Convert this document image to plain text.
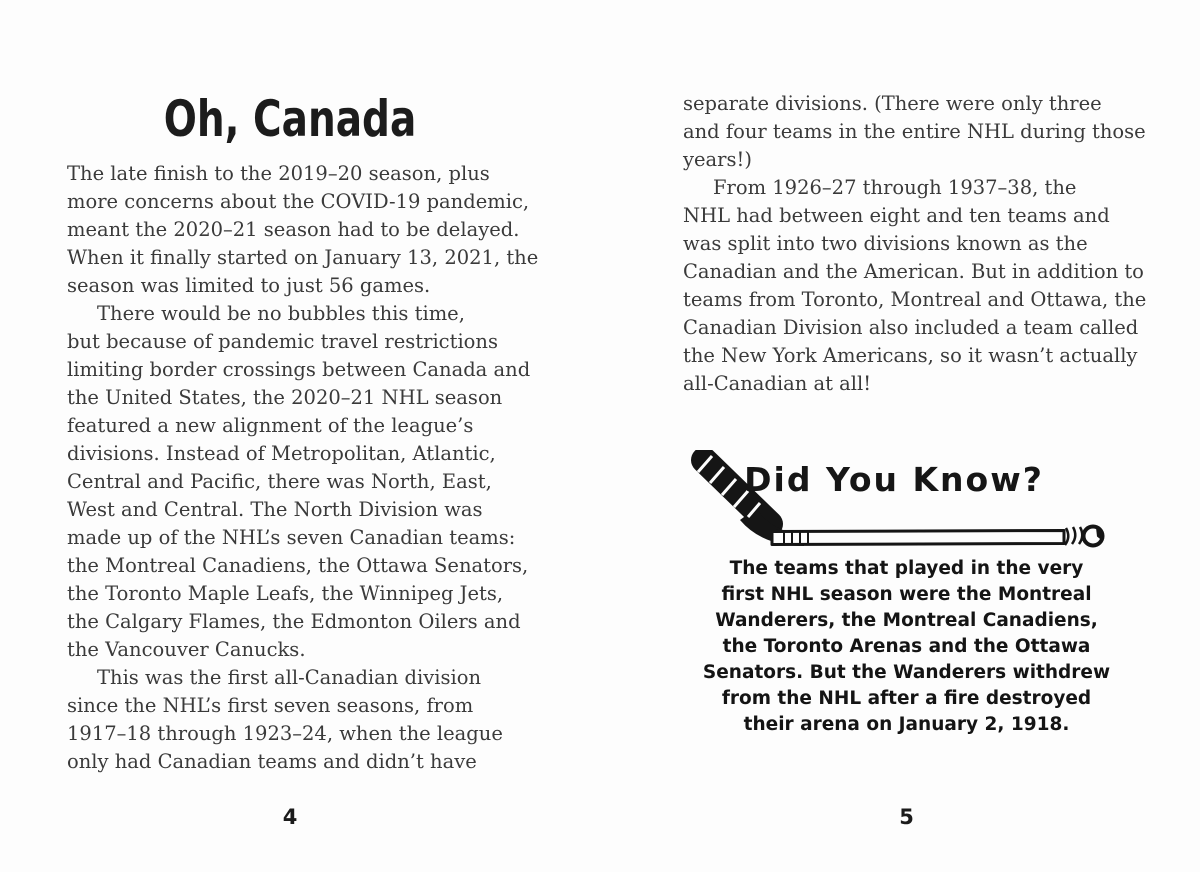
Oh, Canada
The late finish to the 2019–20 season, plus
more concerns about the COVID-19 pandemic,
meant the 2020–21 season had to be delayed.
When it finally started on January 13, 2021, the
season was limited to just 56 games.
There would be no bubbles this time,
but because of pandemic travel restrictions
limiting border crossings between Canada and
the United States, the 2020–21 NHL season
featured a new alignment of the league’s
divisions. Instead of Metropolitan, Atlantic,
Central and Pacific, there was North, East,
West and Central. The North Division was
made up of the NHL’s seven Canadian teams:
the Montreal Canadiens, the Ottawa Senators,
the Toronto Maple Leafs, the Winnipeg Jets,
the Calgary Flames, the Edmonton Oilers and
the Vancouver Canucks.
This was the first all-Canadian division
since the NHL’s first seven seasons, from
1917–18 through 1923–24, when the league
only had Canadian teams and didn’t have
4
separate divisions. (There were only three
and four teams in the entire NHL during those
years!)
From 1926–27 through 1937–38, the
NHL had between eight and ten teams and
was split into two divisions known as the
Canadian and the American. But in addition to
teams from Toronto, Montreal and Ottawa, the
Canadian Division also included a team called
the New York Americans, so it wasn’t actually
all-Canadian at all!
Did You Know?
The teams that played in the very
first NHL season were the Montreal
Wanderers, the Montreal Canadiens,
the Toronto Arenas and the Ottawa
Senators. But the Wanderers withdrew
from the NHL after a fire destroyed
their arena on January 2, 1918.
5
